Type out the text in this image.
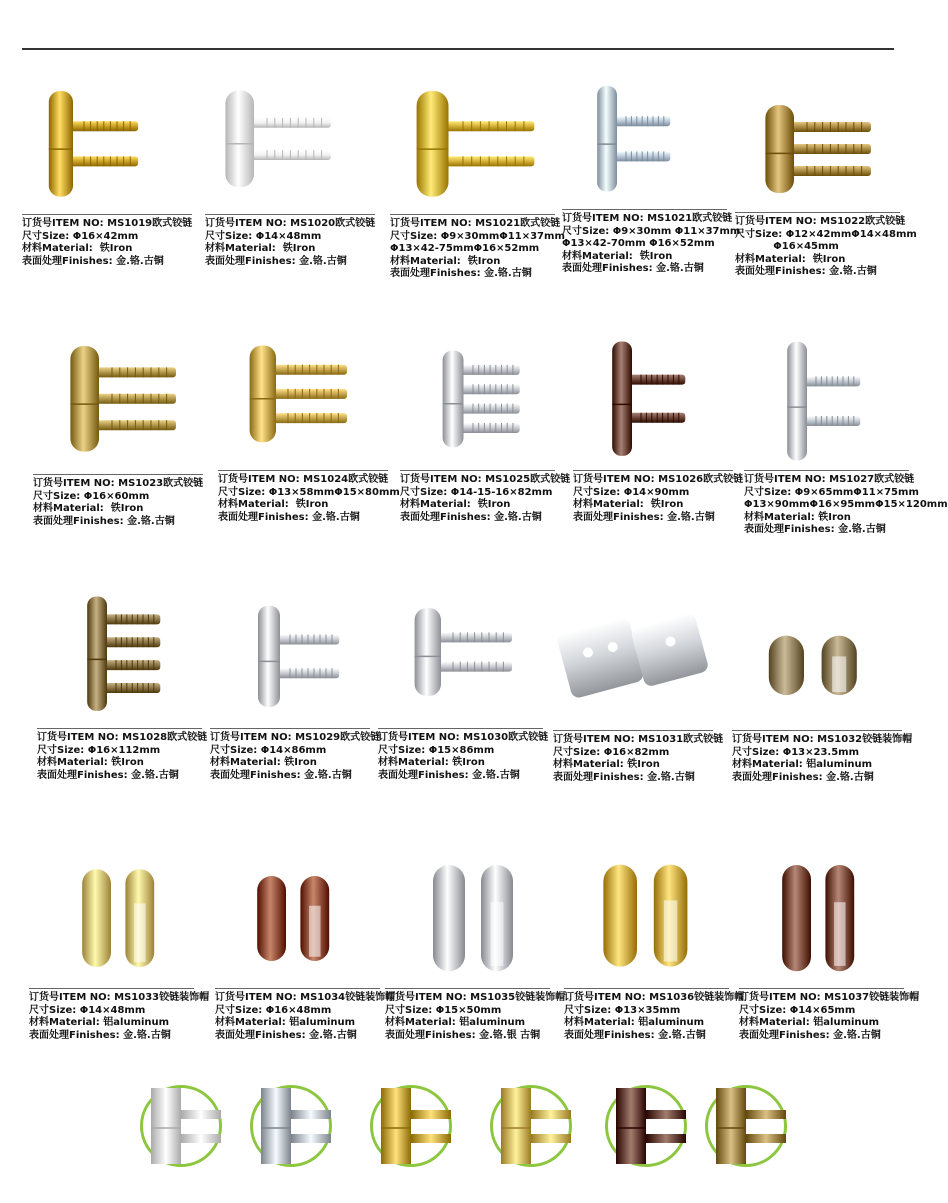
订货号ITEM NO: MS1019欧式铰链
尺寸Size: Φ16×42mm
材料Material:  铁Iron
表面处理Finishes: 金.铬.古铜
订货号ITEM NO: MS1020欧式铰链
尺寸Size: Φ14×48mm
材料Material:  铁Iron
表面处理Finishes: 金.铬.古铜
订货号ITEM NO: MS1021欧式铰链
尺寸Size: Φ9×30mmΦ11×37mm
Φ13×42-75mmΦ16×52mm
材料Material:  铁Iron
表面处理Finishes: 金.铬.古铜
订货号ITEM NO: MS1021欧式铰链
尺寸Size: Φ9×30mm Φ11×37mm
Φ13×42-70mm Φ16×52mm
材料Material:  铁Iron
表面处理Finishes: 金.铬.古铜
订货号ITEM NO: MS1022欧式铰链
尺寸Size: Φ12×42mmΦ14×48mm
Φ16×45mm
材料Material:  铁Iron
表面处理Finishes: 金.铬.古铜
订货号ITEM NO: MS1023欧式铰链
尺寸Size: Φ16×60mm
材料Material:  铁Iron
表面处理Finishes: 金.铬.古铜
订货号ITEM NO: MS1024欧式铰链
尺寸Size: Φ13×58mmΦ15×80mm
材料Material:  铁Iron
表面处理Finishes: 金.铬.古铜
订货号ITEM NO: MS1025欧式铰链
尺寸Size: Φ14-15-16×82mm
材料Material:  铁Iron
表面处理Finishes: 金.铬.古铜
订货号ITEM NO: MS1026欧式铰链
尺寸Size: Φ14×90mm
材料Material:  铁Iron
表面处理Finishes: 金.铬.古铜
订货号ITEM NO: MS1027欧式铰链
尺寸Size: Φ9×65mmΦ11×75mm
Φ13×90mmΦ16×95mmΦ15×120mm
材料Material: 铁Iron
表面处理Finishes: 金.铬.古铜
订货号ITEM NO: MS1028欧式铰链
尺寸Size: Φ16×112mm
材料Material: 铁Iron
表面处理Finishes: 金.铬.古铜
订货号ITEM NO: MS1029欧式铰链
尺寸Size: Φ14×86mm
材料Material: 铁Iron
表面处理Finishes: 金.铬.古铜
订货号ITEM NO: MS1030欧式铰链
尺寸Size: Φ15×86mm
材料Material: 铁Iron
表面处理Finishes: 金.铬.古铜
订货号ITEM NO: MS1031欧式铰链
尺寸Size: Φ16×82mm
材料Material: 铁Iron
表面处理Finishes: 金.铬.古铜
订货号ITEM NO: MS1032铰链装饰帽
尺寸Size: Φ13×23.5mm
材料Material: 铝aluminum
表面处理Finishes: 金.铬.古铜
订货号ITEM NO: MS1033铰链装饰帽
尺寸Size: Φ14×48mm
材料Material: 铝aluminum
表面处理Finishes: 金.铬.古铜
订货号ITEM NO: MS1034铰链装饰帽
尺寸Size: Φ16×48mm
材料Material: 铝aluminum
表面处理Finishes: 金.铬.古铜
订货号ITEM NO: MS1035铰链装饰帽
尺寸Size: Φ15×50mm
材料Material: 铝aluminum
表面处理Finishes: 金.铬.银 古铜
订货号ITEM NO: MS1036铰链装饰帽
尺寸Size: Φ13×35mm
材料Material: 铝aluminum
表面处理Finishes: 金.铬.古铜
订货号ITEM NO: MS1037铰链装饰帽
尺寸Size: Φ14×65mm
材料Material: 铝aluminum
表面处理Finishes: 金.铬.古铜
